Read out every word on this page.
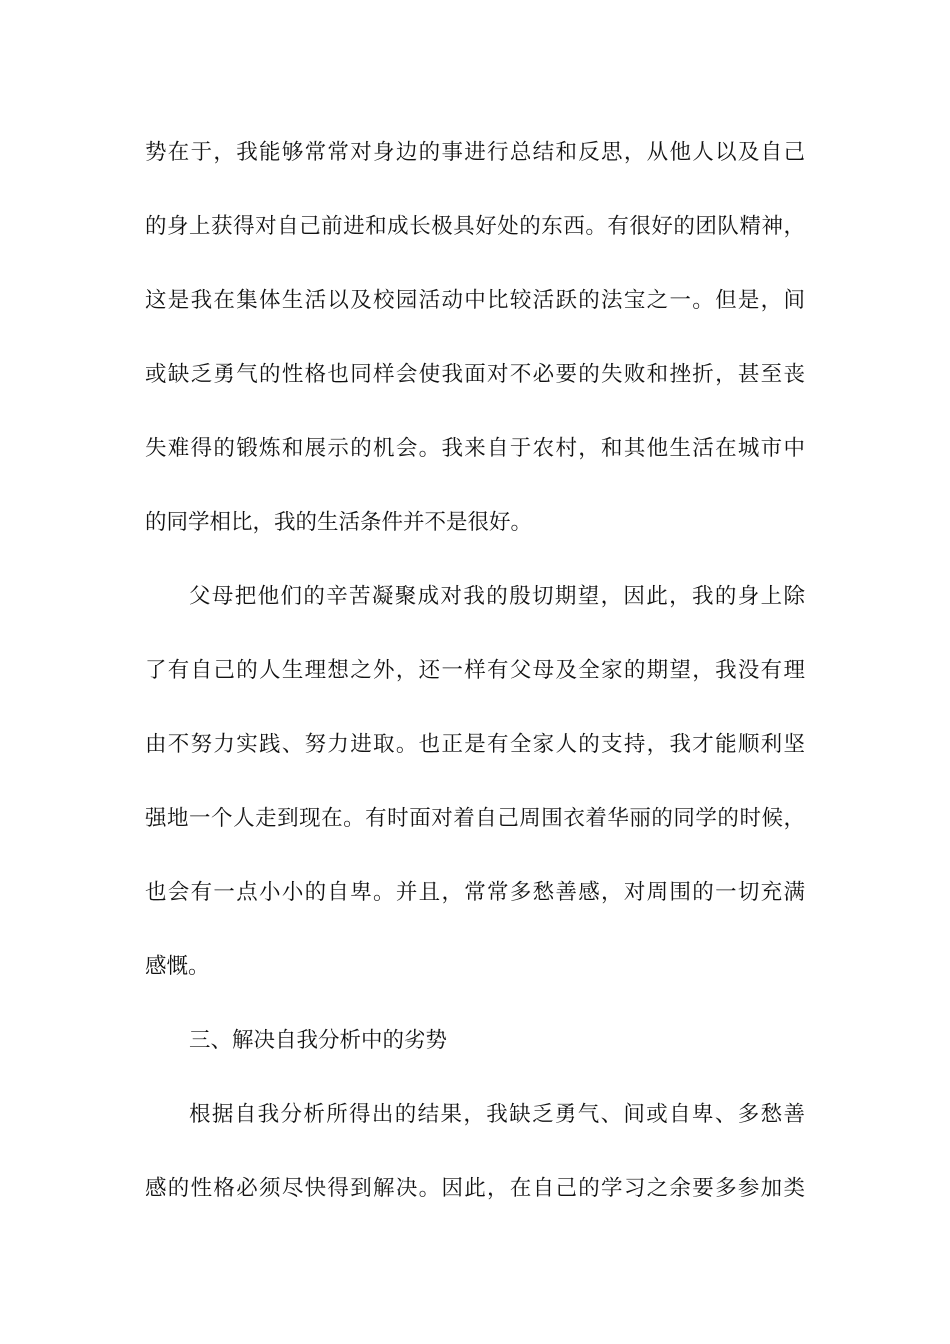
势在于，我能够常常对身边的事进行总结和反思，从他人以及自己
的身上获得对自己前进和成长极具好处的东西。有很好的团队精神，
这是我在集体生活以及校园活动中比较活跃的法宝之一。但是，间
或缺乏勇气的性格也同样会使我面对不必要的失败和挫折，甚至丧
失难得的锻炼和展示的机会。我来自于农村，和其他生活在城市中
的同学相比，我的生活条件并不是很好。
父母把他们的辛苦凝聚成对我的殷切期望，因此，我的身上除
了有自己的人生理想之外，还一样有父母及全家的期望，我没有理
由不努力实践、努力进取。也正是有全家人的支持，我才能顺利坚
强地一个人走到现在。有时面对着自己周围衣着华丽的同学的时候，
也会有一点小小的自卑。并且，常常多愁善感，对周围的一切充满
感慨。
三、解决自我分析中的劣势
根据自我分析所得出的结果，我缺乏勇气、间或自卑、多愁善
感的性格必须尽快得到解决。因此，在自己的学习之余要多参加类
